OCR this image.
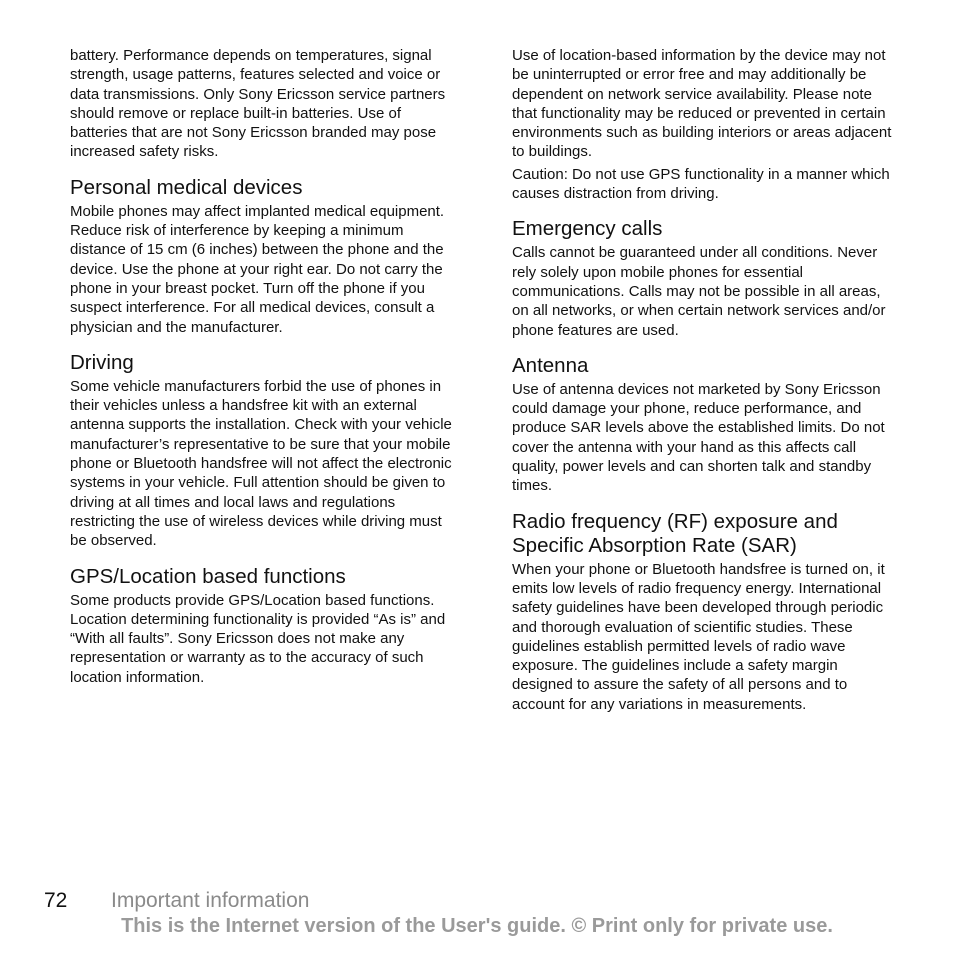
battery. Performance depends on temperatures, signal strength, usage patterns, features selected and voice or data transmissions. Only Sony Ericsson service partners should remove or replace built-in batteries. Use of batteries that are not Sony Ericsson branded may pose increased safety risks.

Personal medical devices

Mobile phones may affect implanted medical equipment. Reduce risk of interference by keeping a minimum distance of 15 cm (6 inches) between the phone and the device. Use the phone at your right ear. Do not carry the phone in your breast pocket. Turn off the phone if you suspect interference. For all medical devices, consult a physician and the manufacturer.

Driving

Some vehicle manufacturers forbid the use of phones in their vehicles unless a handsfree kit with an external antenna supports the installation. Check with your vehicle manufacturer’s representative to be sure that your mobile phone or Bluetooth handsfree will not affect the electronic systems in your vehicle. Full attention should be given to driving at all times and local laws and regulations restricting the use of wireless devices while driving must be observed.

GPS/Location based functions

Some products provide GPS/Location based functions. Location determining functionality is provided “As is” and “With all faults”. Sony Ericsson does not make any representation or warranty as to the accuracy of such location information.

Use of location-based information by the device may not be uninterrupted or error free and may additionally be dependent on network service availability. Please note that functionality may be reduced or prevented in certain environments such as building interiors or areas adjacent to buildings.

Caution: Do not use GPS functionality in a manner which causes distraction from driving.

Emergency calls

Calls cannot be guaranteed under all conditions. Never rely solely upon mobile phones for essential communications. Calls may not be possible in all areas, on all networks, or when certain network services and/or phone features are used.

Antenna

Use of antenna devices not marketed by Sony Ericsson could damage your phone, reduce performance, and produce SAR levels above the established limits. Do not cover the antenna with your hand as this affects call quality, power levels and can shorten talk and standby times.

Radio frequency (RF) exposure and Specific Absorption Rate (SAR)

When your phone or Bluetooth handsfree is turned on, it emits low levels of radio frequency energy. International safety guidelines have been developed through periodic and thorough evaluation of scientific studies. These guidelines establish permitted levels of radio wave exposure. The guidelines include a safety margin designed to assure the safety of all persons and to account for any variations in measurements.

72 Important information
This is the Internet version of the User's guide. © Print only for private use.
